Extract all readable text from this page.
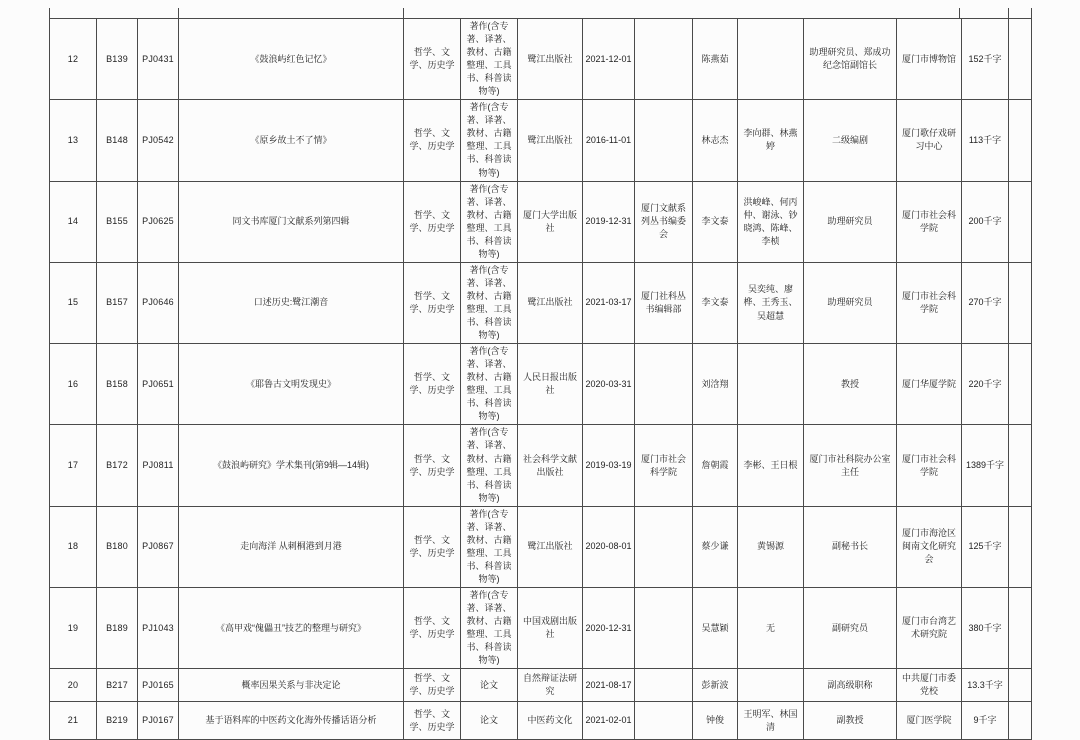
12	B139	PJ0431	《鼓浪屿红色记忆》	哲学、文学、历史学	著作(含专著、译著、教材、古籍整理、工具书、科普读物等)	鹭江出版社	2021-12-01		陈燕茹		助理研究员、郑成功纪念馆副馆长	厦门市博物馆	152千字	
13	B148	PJ0542	《原乡故土不了情》	哲学、文学、历史学	著作(含专著、译著、教材、古籍整理、工具书、科普读物等)	鹭江出版社	2016-11-01		林志杰	李向群、林燕婷	二级编剧	厦门歌仔戏研习中心	113千字	
14	B155	PJ0625	同文书库厦门文献系列第四辑	哲学、文学、历史学	著作(含专著、译著、教材、古籍整理、工具书、科普读物等)	厦门大学出版社	2019-12-31	厦门文献系列丛书编委会	李文泰	洪峻峰、何丙仲、谢泳、钞晓鸿、陈峰、李桢	助理研究员	厦门市社会科学院	200千字	
15	B157	PJ0646	口述历史:鹭江潮音	哲学、文学、历史学	著作(含专著、译著、教材、古籍整理、工具书、科普读物等)	鹭江出版社	2021-03-17	厦门社科丛书编辑部	李文泰	吴奕纯、廖桦、王秀玉、吴超慧	助理研究员	厦门市社会科学院	270千字	
16	B158	PJ0651	《耶鲁古文明发现史》	哲学、文学、历史学	著作(含专著、译著、教材、古籍整理、工具书、科普读物等)	人民日报出版社	2020-03-31		刘浛翔		教授	厦门华厦学院	220千字	
17	B172	PJ0811	《鼓浪屿研究》学术集刊(第9辑—14辑)	哲学、文学、历史学	著作(含专著、译著、教材、古籍整理、工具书、科普读物等)	社会科学文献出版社	2019-03-19	厦门市社会科学院	詹朝霞	李彬、王日根	厦门市社科院办公室主任	厦门市社会科学院	1389千字	
18	B180	PJ0867	走向海洋 从刺桐港到月港	哲学、文学、历史学	著作(含专著、译著、教材、古籍整理、工具书、科普读物等)	鹭江出版社	2020-08-01		蔡少谦	黄锡源	副秘书长	厦门市海沧区闽南文化研究会	125千字	
19	B189	PJ1043	《高甲戏“傀儡丑”技艺的整理与研究》	哲学、文学、历史学	著作(含专著、译著、教材、古籍整理、工具书、科普读物等)	中国戏剧出版社	2020-12-31		吴慧颖	无	副研究员	厦门市台湾艺术研究院	380千字	
20	B217	PJ0165	概率因果关系与非决定论	哲学、文学、历史学	论文	自然辩证法研究	2021-08-17		彭新波		副高级职称	中共厦门市委党校	13.3千字	
21	B219	PJ0167	基于语料库的中医药文化海外传播话语分析	哲学、文学、历史学	论文	中医药文化	2021-02-01		钟俊	王明军、林国清	副教授	厦门医学院	9千字	
